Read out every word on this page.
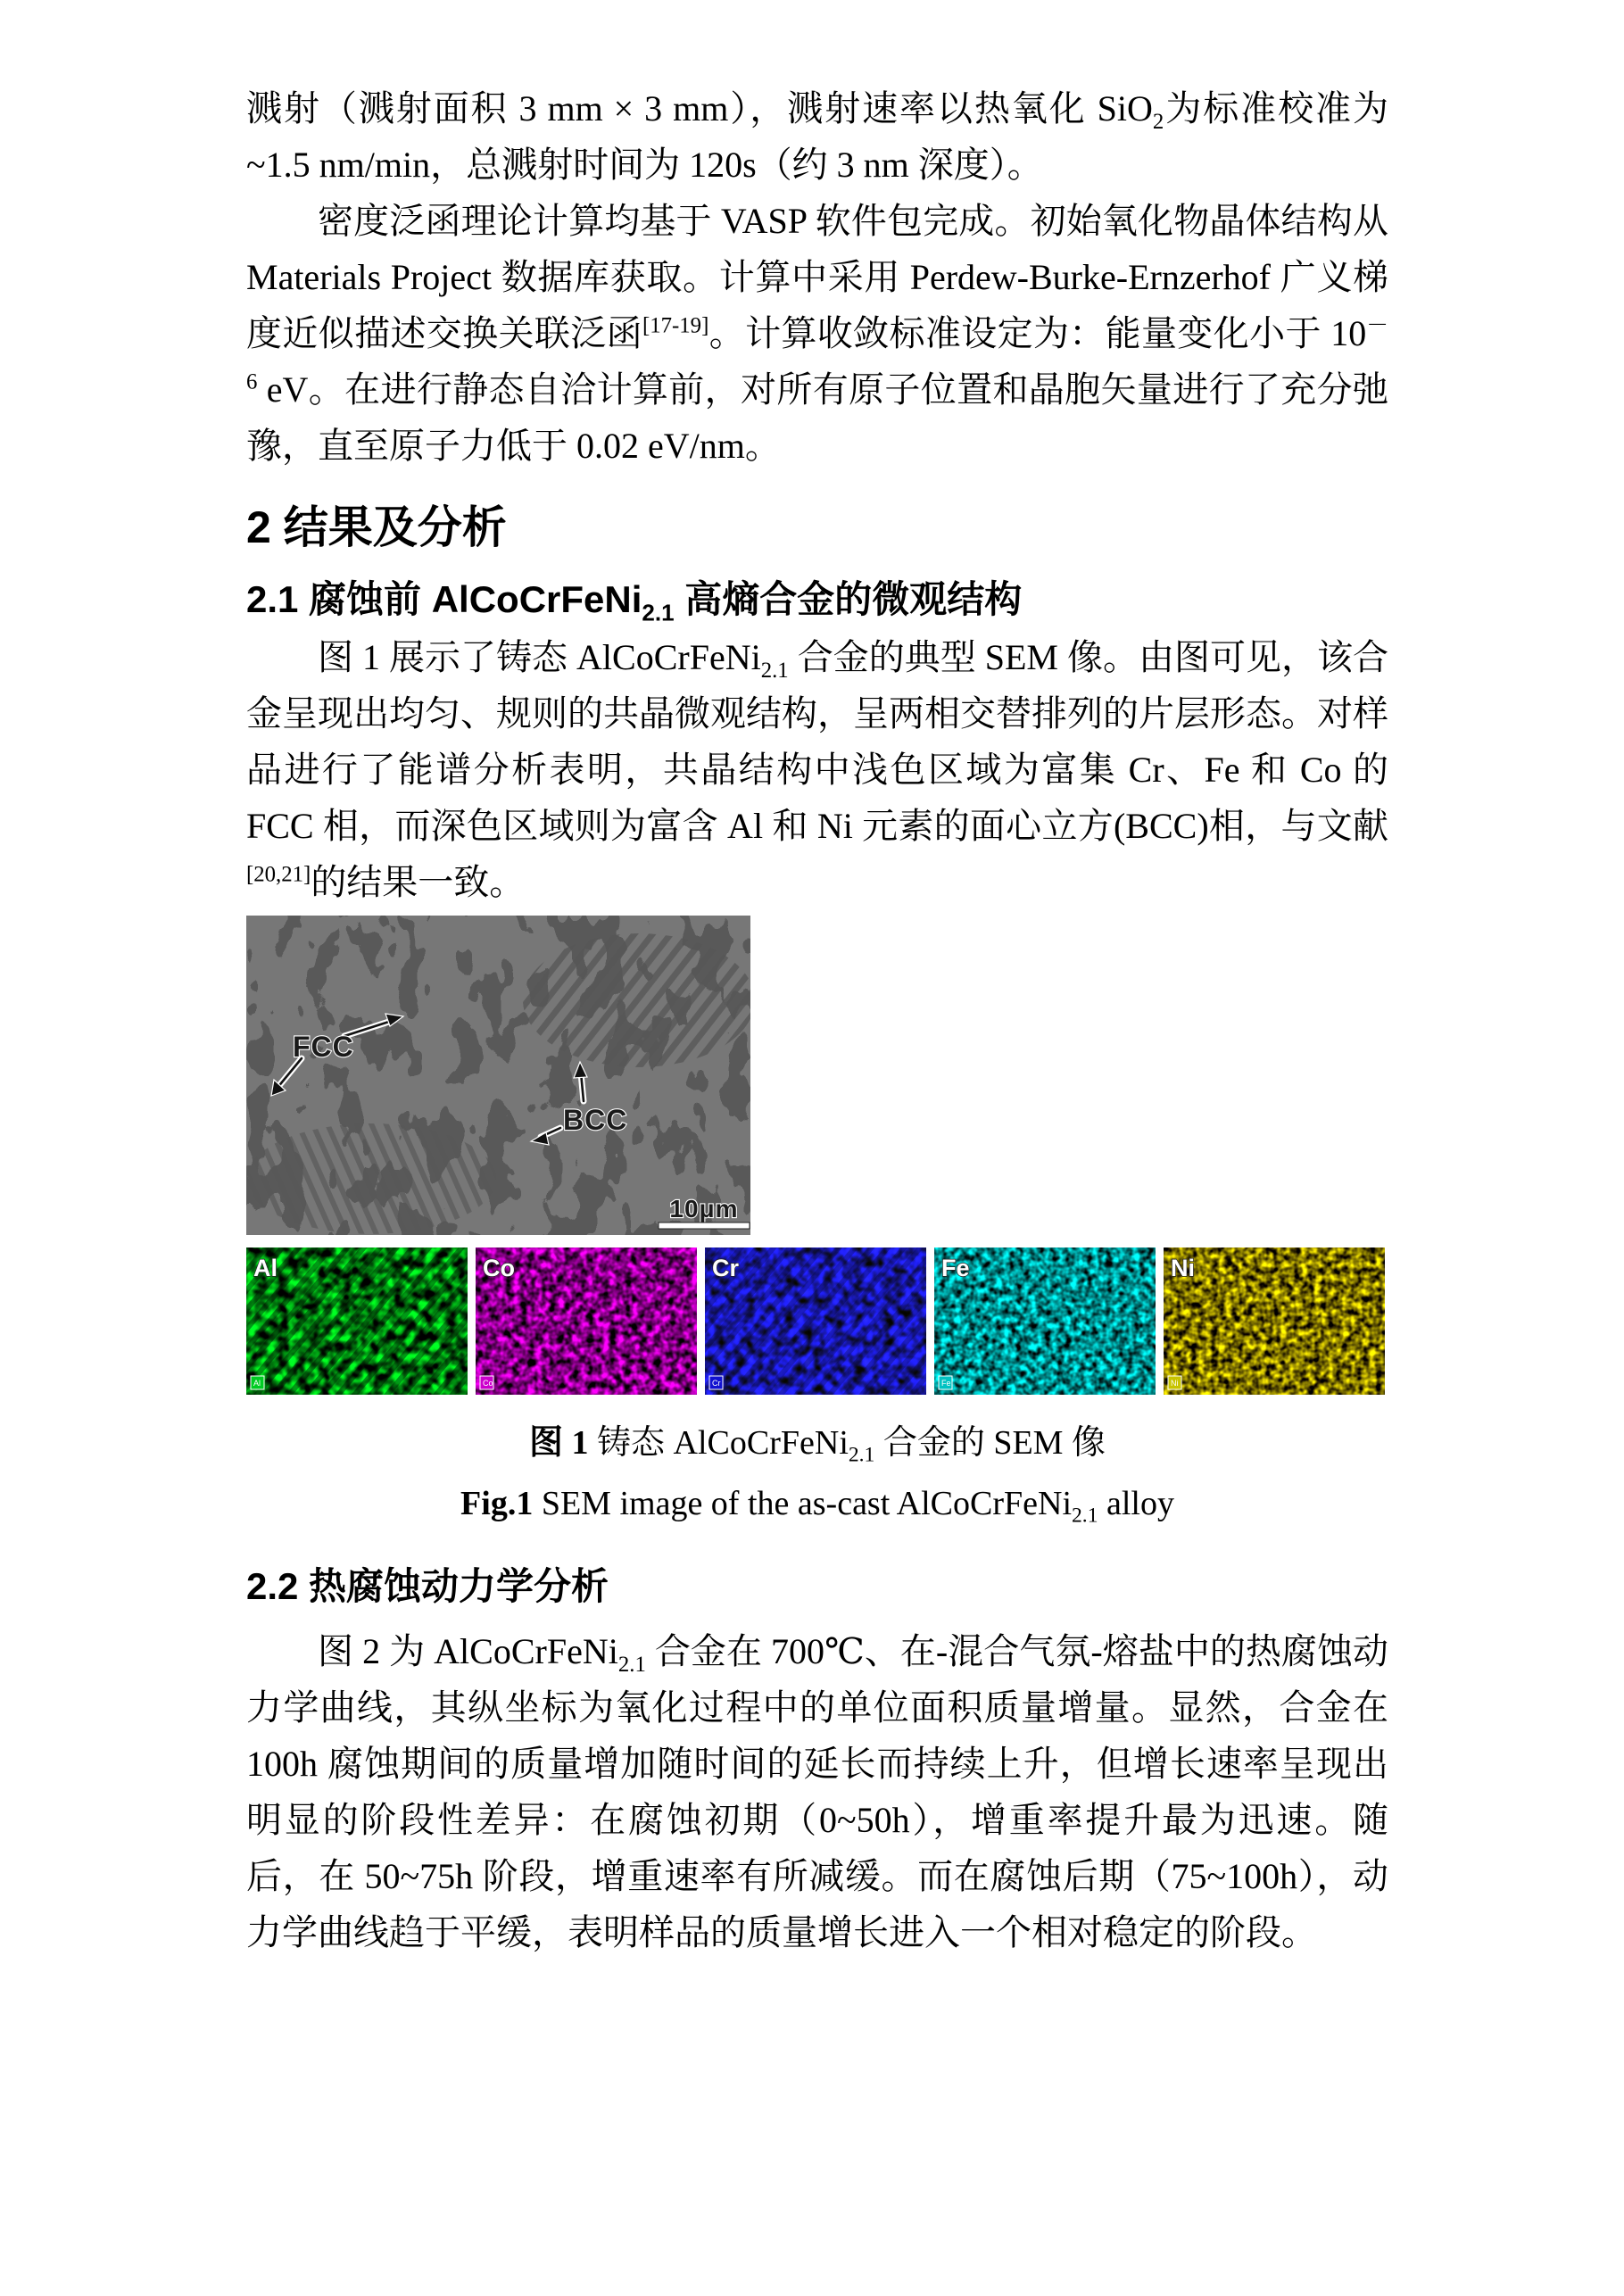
溅射（溅射面积 3 mm × 3 mm），溅射速率以热氧化 SiO$_2$为标准校准为~1.5 nm/min，总溅射时间为 120s（约 3 nm 深度）。

密度泛函理论计算均基于 VASP 软件包完成。初始氧化物晶体结构从 Materials Project 数据库获取。计算中采用 Perdew-Burke-Ernzerhof 广义梯度近似描述交换关联泛函[17-19]。计算收敛标准设定为：能量变化小于 $10^{-6}$ eV。在进行静态自洽计算前，对所有原子位置和晶胞矢量进行了充分弛豫，直至原子力低于 0.02 eV/nm。

2 结果及分析
2.1 腐蚀前 AlCoCrFeNi$_{2.1}$ 高熵合金的微观结构

图 1 展示了铸态 AlCoCrFeNi$_{2.1}$ 合金的典型 SEM 像。由图可见，该合金呈现出均匀、规则的共晶微观结构，呈两相交替排列的片层形态。对样品进行了能谱分析表明，共晶结构中浅色区域为富集 Cr、Fe 和 Co 的 FCC 相，而深色区域则为富含 Al 和 Ni 元素的面心立方(BCC)相，与文献[20,21]的结果一致。

FCC
BCC
10μm
Al
Al
Co
Co
Cr
Cr
Fe
Fe
Ni
Ni
图 1 铸态 AlCoCrFeNi$_{2.1}$ 合金的 SEM 像
Fig.1 SEM image of the as-cast AlCoCrFeNi$_{2.1}$ alloy
2.2 热腐蚀动力学分析

图 2 为 AlCoCrFeNi$_{2.1}$ 合金在 700℃、在-混合气氛-熔盐中的热腐蚀动力学曲线，其纵坐标为氧化过程中的单位面积质量增量。显然，合金在 100h 腐蚀期间的质量增加随时间的延长而持续上升，但增长速率呈现出明显的阶段性差异：在腐蚀初期（0~50h），增重率提升最为迅速。随后，在 50~75h 阶段，增重速率有所减缓。而在腐蚀后期（75~100h），动力学曲线趋于平缓，表明样品的质量增长进入一个相对稳定的阶段。
